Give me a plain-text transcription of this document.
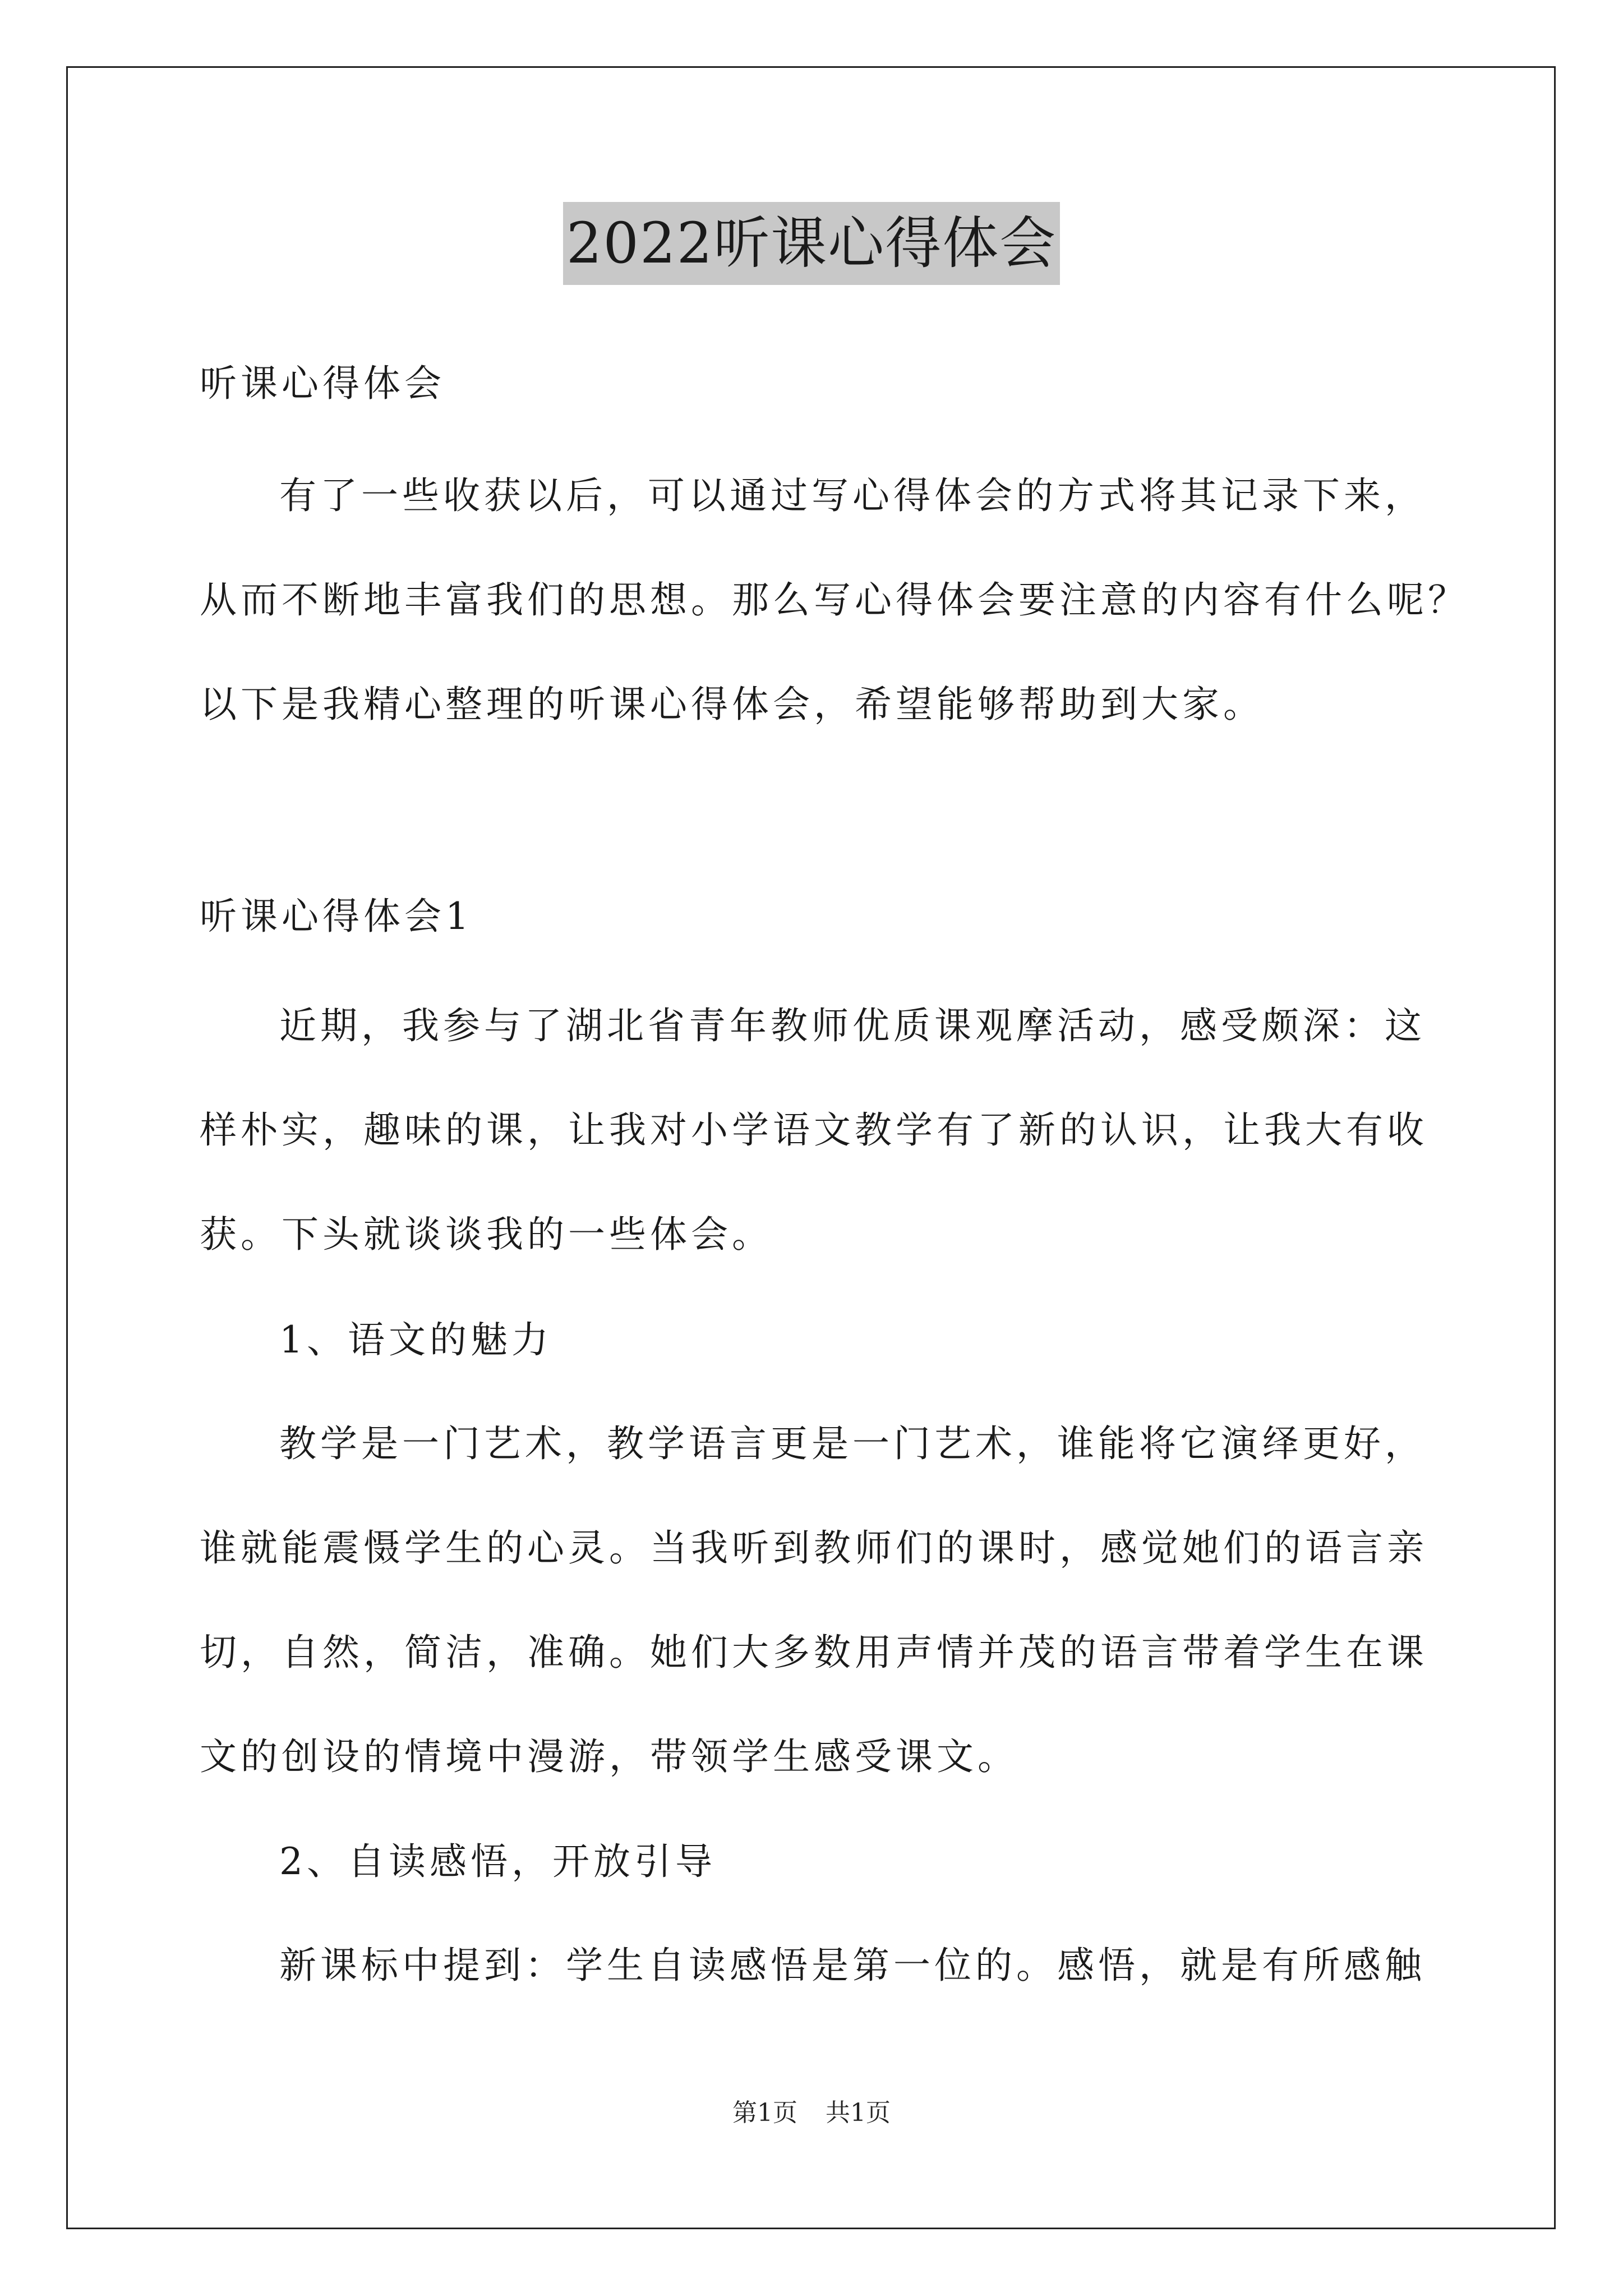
2022听课心得体会
听课心得体会
有了一些收获以后，可以通过写心得体会的方式将其记录下来，
从而不断地丰富我们的思想。那么写心得体会要注意的内容有什么呢？
以下是我精心整理的听课心得体会，希望能够帮助到大家。
听课心得体会1
近期，我参与了湖北省青年教师优质课观摩活动，感受颇深：这
样朴实，趣味的课，让我对小学语文教学有了新的认识，让我大有收
获。下头就谈谈我的一些体会。
1、语文的魅力
教学是一门艺术，教学语言更是一门艺术，谁能将它演绎更好，
谁就能震慑学生的心灵。当我听到教师们的课时，感觉她们的语言亲
切，自然，简洁，准确。她们大多数用声情并茂的语言带着学生在课
文的创设的情境中漫游，带领学生感受课文。
2、自读感悟，开放引导
新课标中提到：学生自读感悟是第一位的。感悟，就是有所感触
第1页 共1页
